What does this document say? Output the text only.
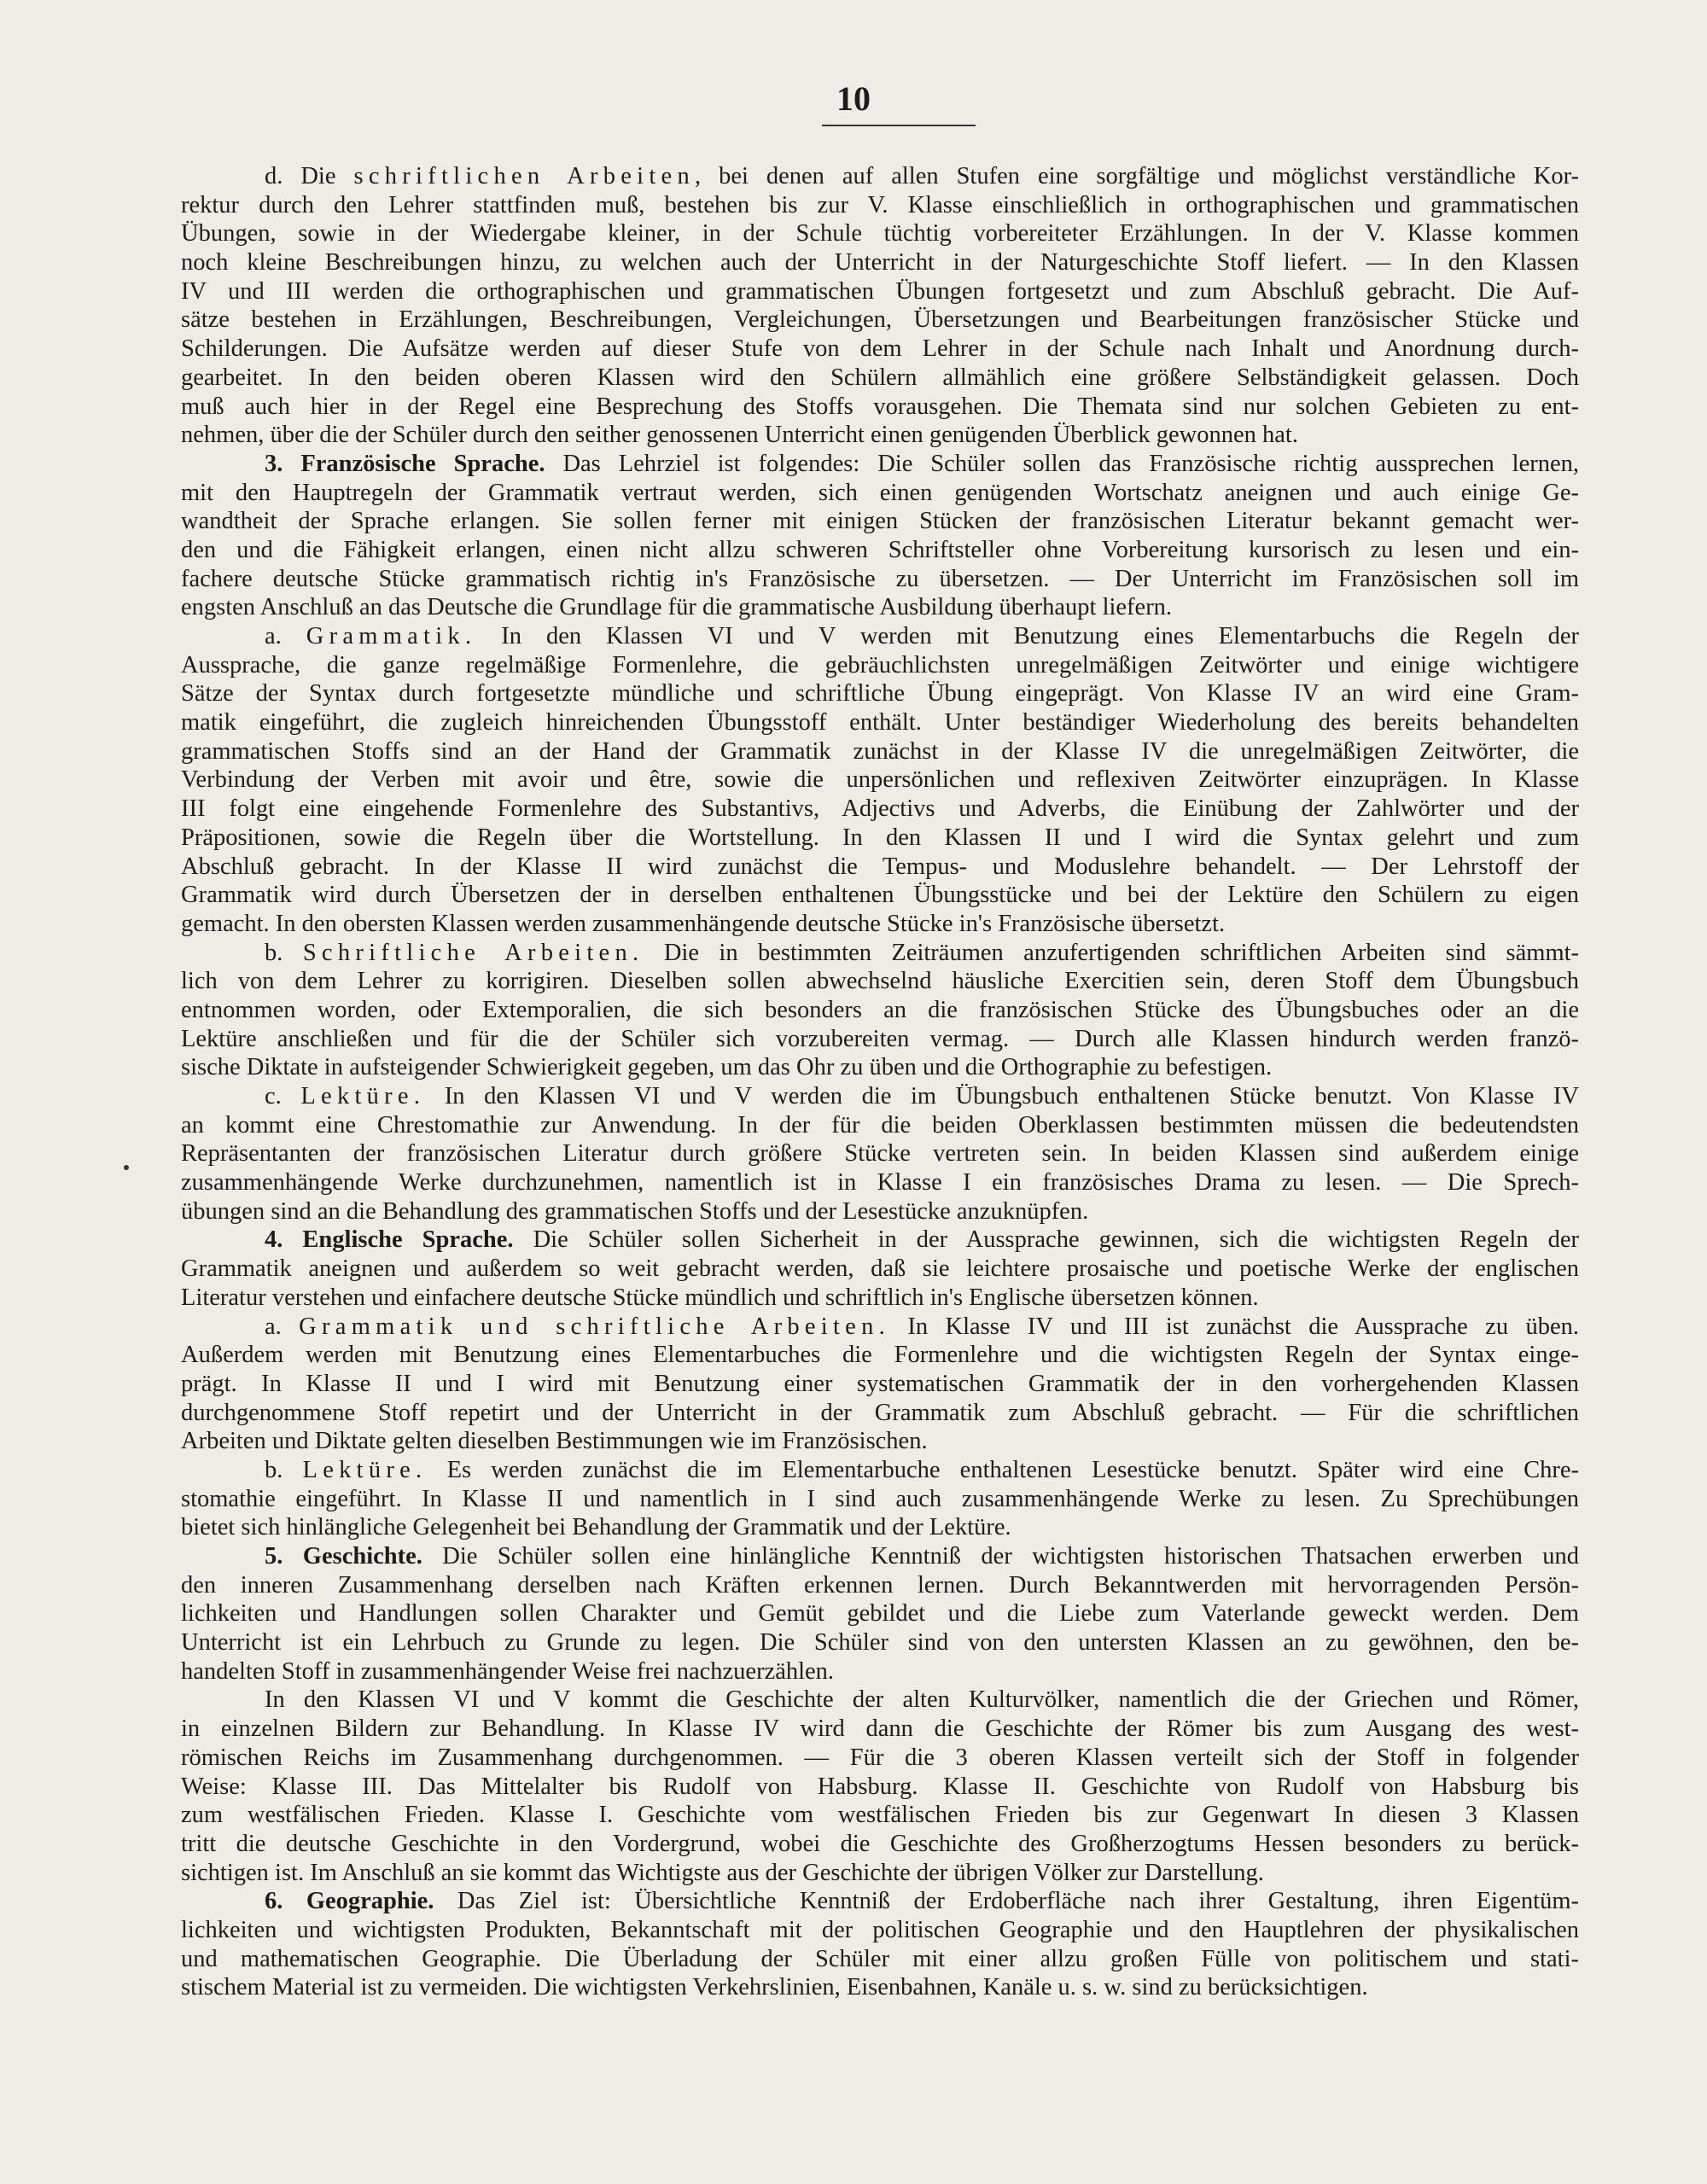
10
d. Die schriftlichen Arbeiten, bei denen auf allen Stufen eine sorgfältige und möglichst verständliche Kor-
rektur durch den Lehrer stattfinden muß, bestehen bis zur V. Klasse einschließlich in orthographischen und grammatischen
Übungen, sowie in der Wiedergabe kleiner, in der Schule tüchtig vorbereiteter Erzählungen. In der V. Klasse kommen
noch kleine Beschreibungen hinzu, zu welchen auch der Unterricht in der Naturgeschichte Stoff liefert. — In den Klassen
IV und III werden die orthographischen und grammatischen Übungen fortgesetzt und zum Abschluß gebracht. Die Auf-
sätze bestehen in Erzählungen, Beschreibungen, Vergleichungen, Übersetzungen und Bearbeitungen französischer Stücke und
Schilderungen. Die Aufsätze werden auf dieser Stufe von dem Lehrer in der Schule nach Inhalt und Anordnung durch-
gearbeitet. In den beiden oberen Klassen wird den Schülern allmählich eine größere Selbständigkeit gelassen. Doch
muß auch hier in der Regel eine Besprechung des Stoffs vorausgehen. Die Themata sind nur solchen Gebieten zu ent-
nehmen, über die der Schüler durch den seither genossenen Unterricht einen genügenden Überblick gewonnen hat.
3. Französische Sprache. Das Lehrziel ist folgendes: Die Schüler sollen das Französische richtig aussprechen lernen,
mit den Hauptregeln der Grammatik vertraut werden, sich einen genügenden Wortschatz aneignen und auch einige Ge-
wandtheit der Sprache erlangen. Sie sollen ferner mit einigen Stücken der französischen Literatur bekannt gemacht wer-
den und die Fähigkeit erlangen, einen nicht allzu schweren Schriftsteller ohne Vorbereitung kursorisch zu lesen und ein-
fachere deutsche Stücke grammatisch richtig in's Französische zu übersetzen. — Der Unterricht im Französischen soll im
engsten Anschluß an das Deutsche die Grundlage für die grammatische Ausbildung überhaupt liefern.
a. Grammatik. In den Klassen VI und V werden mit Benutzung eines Elementarbuchs die Regeln der
Aussprache, die ganze regelmäßige Formenlehre, die gebräuchlichsten unregelmäßigen Zeitwörter und einige wichtigere
Sätze der Syntax durch fortgesetzte mündliche und schriftliche Übung eingeprägt. Von Klasse IV an wird eine Gram-
matik eingeführt, die zugleich hinreichenden Übungsstoff enthält. Unter beständiger Wiederholung des bereits behandelten
grammatischen Stoffs sind an der Hand der Grammatik zunächst in der Klasse IV die unregelmäßigen Zeitwörter, die
Verbindung der Verben mit avoir und être, sowie die unpersönlichen und reflexiven Zeitwörter einzuprägen. In Klasse
III folgt eine eingehende Formenlehre des Substantivs, Adjectivs und Adverbs, die Einübung der Zahlwörter und der
Präpositionen, sowie die Regeln über die Wortstellung. In den Klassen II und I wird die Syntax gelehrt und zum
Abschluß gebracht. In der Klasse II wird zunächst die Tempus- und Moduslehre behandelt. — Der Lehrstoff der
Grammatik wird durch Übersetzen der in derselben enthaltenen Übungsstücke und bei der Lektüre den Schülern zu eigen
gemacht. In den obersten Klassen werden zusammenhängende deutsche Stücke in's Französische übersetzt.
b. Schriftliche Arbeiten. Die in bestimmten Zeiträumen anzufertigenden schriftlichen Arbeiten sind sämmt-
lich von dem Lehrer zu korrigiren. Dieselben sollen abwechselnd häusliche Exercitien sein, deren Stoff dem Übungsbuch
entnommen worden, oder Extemporalien, die sich besonders an die französischen Stücke des Übungsbuches oder an die
Lektüre anschließen und für die der Schüler sich vorzubereiten vermag. — Durch alle Klassen hindurch werden franzö-
sische Diktate in aufsteigender Schwierigkeit gegeben, um das Ohr zu üben und die Orthographie zu befestigen.
c. Lektüre. In den Klassen VI und V werden die im Übungsbuch enthaltenen Stücke benutzt. Von Klasse IV
an kommt eine Chrestomathie zur Anwendung. In der für die beiden Oberklassen bestimmten müssen die bedeutendsten
Repräsentanten der französischen Literatur durch größere Stücke vertreten sein. In beiden Klassen sind außerdem einige
zusammenhängende Werke durchzunehmen, namentlich ist in Klasse I ein französisches Drama zu lesen. — Die Sprech-
übungen sind an die Behandlung des grammatischen Stoffs und der Lesestücke anzuknüpfen.
4. Englische Sprache. Die Schüler sollen Sicherheit in der Aussprache gewinnen, sich die wichtigsten Regeln der
Grammatik aneignen und außerdem so weit gebracht werden, daß sie leichtere prosaische und poetische Werke der englischen
Literatur verstehen und einfachere deutsche Stücke mündlich und schriftlich in's Englische übersetzen können.
a. Grammatik und schriftliche Arbeiten. In Klasse IV und III ist zunächst die Aussprache zu üben.
Außerdem werden mit Benutzung eines Elementarbuches die Formenlehre und die wichtigsten Regeln der Syntax einge-
prägt. In Klasse II und I wird mit Benutzung einer systematischen Grammatik der in den vorhergehenden Klassen
durchgenommene Stoff repetirt und der Unterricht in der Grammatik zum Abschluß gebracht. — Für die schriftlichen
Arbeiten und Diktate gelten dieselben Bestimmungen wie im Französischen.
b. Lektüre. Es werden zunächst die im Elementarbuche enthaltenen Lesestücke benutzt. Später wird eine Chre-
stomathie eingeführt. In Klasse II und namentlich in I sind auch zusammenhängende Werke zu lesen. Zu Sprechübungen
bietet sich hinlängliche Gelegenheit bei Behandlung der Grammatik und der Lektüre.
5. Geschichte. Die Schüler sollen eine hinlängliche Kenntniß der wichtigsten historischen Thatsachen erwerben und
den inneren Zusammenhang derselben nach Kräften erkennen lernen. Durch Bekanntwerden mit hervorragenden Persön-
lichkeiten und Handlungen sollen Charakter und Gemüt gebildet und die Liebe zum Vaterlande geweckt werden. Dem
Unterricht ist ein Lehrbuch zu Grunde zu legen. Die Schüler sind von den untersten Klassen an zu gewöhnen, den be-
handelten Stoff in zusammenhängender Weise frei nachzuerzählen.
In den Klassen VI und V kommt die Geschichte der alten Kulturvölker, namentlich die der Griechen und Römer,
in einzelnen Bildern zur Behandlung. In Klasse IV wird dann die Geschichte der Römer bis zum Ausgang des west-
römischen Reichs im Zusammenhang durchgenommen. — Für die 3 oberen Klassen verteilt sich der Stoff in folgender
Weise: Klasse III. Das Mittelalter bis Rudolf von Habsburg. Klasse II. Geschichte von Rudolf von Habsburg bis
zum westfälischen Frieden. Klasse I. Geschichte vom westfälischen Frieden bis zur Gegenwart In diesen 3 Klassen
tritt die deutsche Geschichte in den Vordergrund, wobei die Geschichte des Großherzogtums Hessen besonders zu berück-
sichtigen ist. Im Anschluß an sie kommt das Wichtigste aus der Geschichte der übrigen Völker zur Darstellung.
6. Geographie. Das Ziel ist: Übersichtliche Kenntniß der Erdoberfläche nach ihrer Gestaltung, ihren Eigentüm-
lichkeiten und wichtigsten Produkten, Bekanntschaft mit der politischen Geographie und den Hauptlehren der physikalischen
und mathematischen Geographie. Die Überladung der Schüler mit einer allzu großen Fülle von politischem und stati-
stischem Material ist zu vermeiden. Die wichtigsten Verkehrslinien, Eisenbahnen, Kanäle u. s. w. sind zu berücksichtigen.
